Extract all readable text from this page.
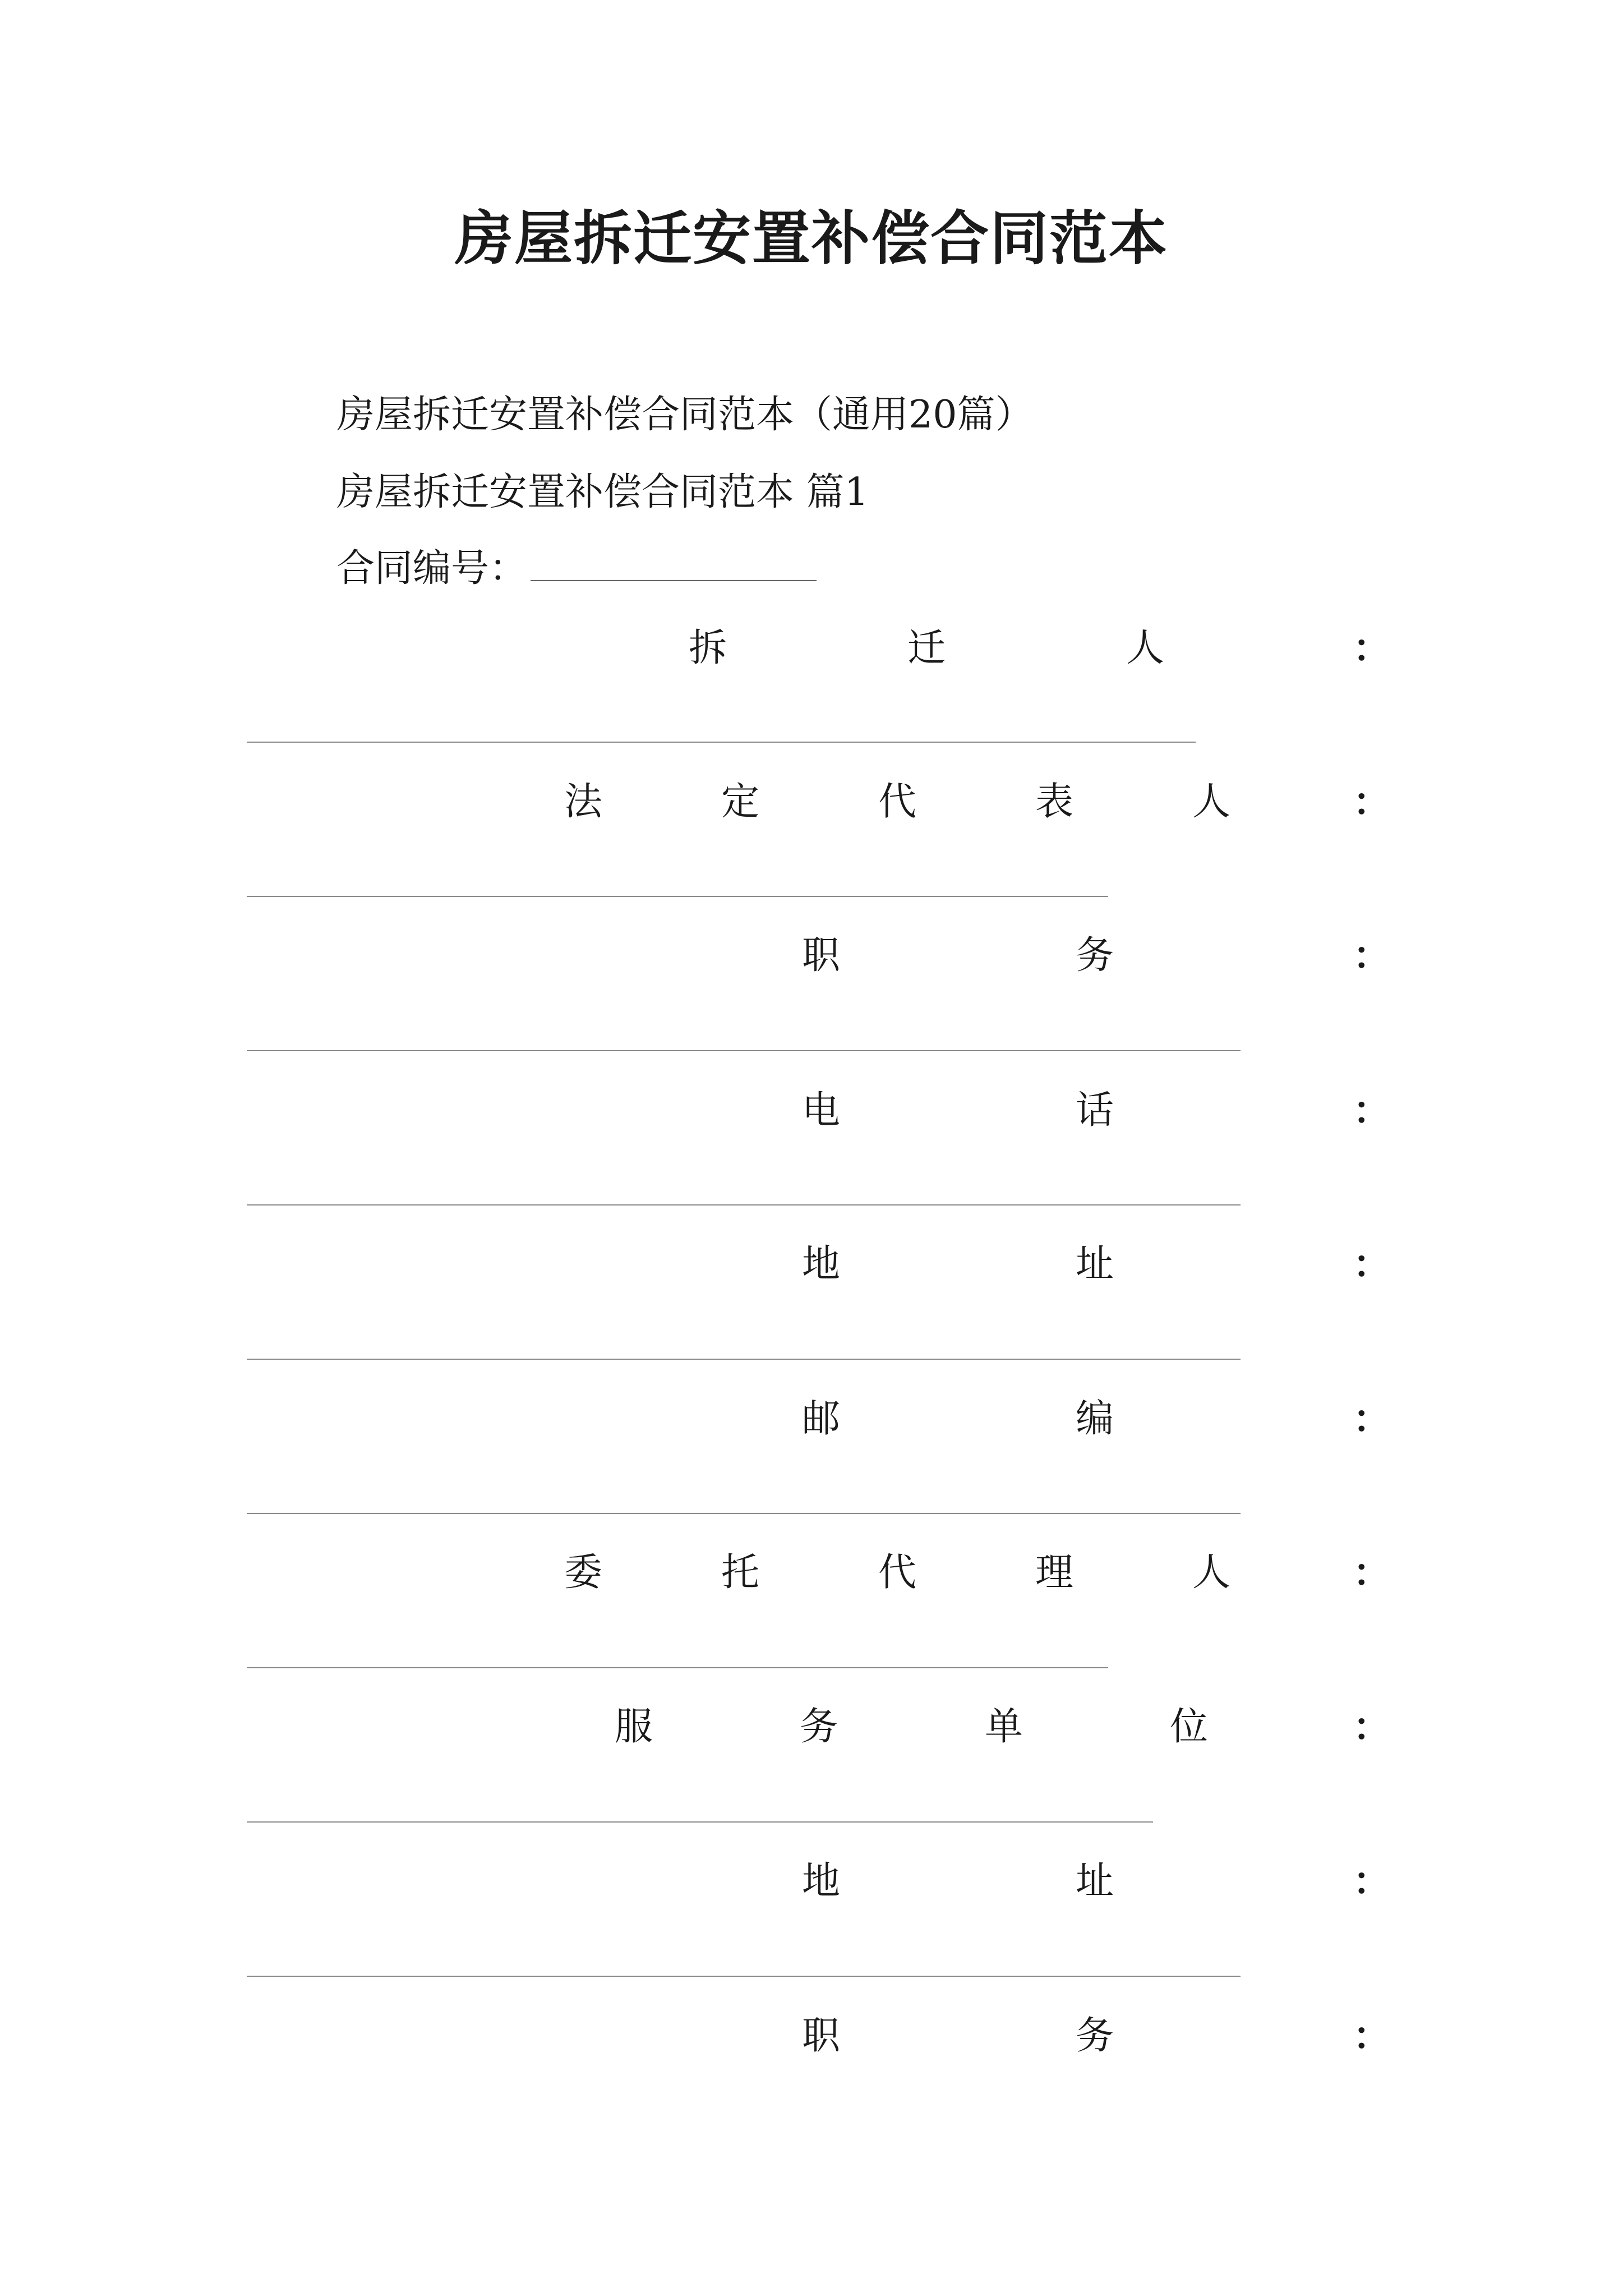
房屋拆迁安置补偿合同范本
房屋拆迁安置补偿合同范本（通用20篇）
房屋拆迁安置补偿合同范本 篇1
合同编号：
拆	迁	人	：
法	定	代	表	人	：
职	务	：
电	话	：
地	址	：
邮	编	：
委	托	代	理	人	：
服	务	单	位	：
地	址	：
职	务	：
